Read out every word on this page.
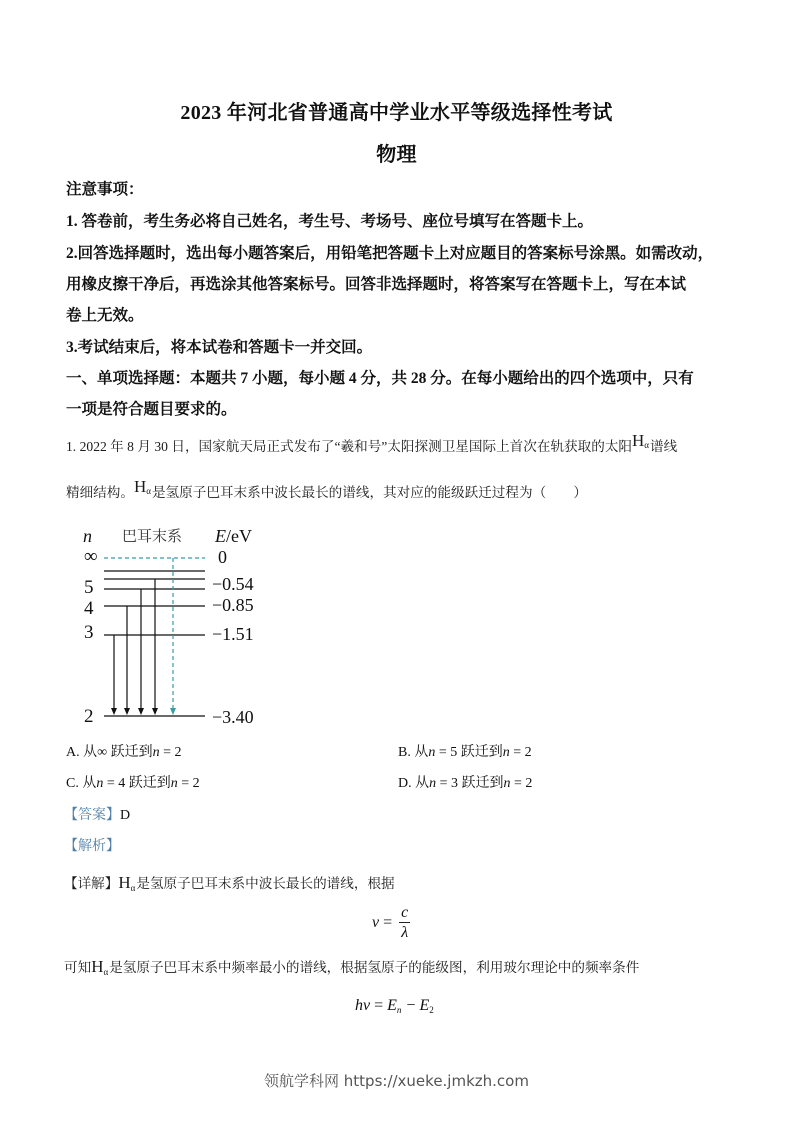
2023 年河北省普通高中学业水平等级选择性考试
物理
注意事项：
1. 答卷前，考生务必将自己姓名，考生号、考场号、座位号填写在答题卡上。
2.回答选择题时，选出每小题答案后，用铅笔把答题卡上对应题目的答案标号涂黑。如需改动，
用橡皮擦干净后，再选涂其他答案标号。回答非选择题时，将答案写在答题卡上，写在本试
卷上无效。
3.考试结束后，将本试卷和答题卡一并交回。
一、单项选择题：本题共 7 小题，每小题 4 分，共 28 分。在每小题给出的四个选项中，只有
一项是符合题目要求的。
1. 2022 年 8 月 30 日，国家航天局正式发布了“羲和号”太阳探测卫星国际上首次在轨获取的太阳$H^\alpha$谱线
精细结构。$H^\alpha$是氢原子巴耳末系中波长最长的谱线，其对应的能级跃迁过程为（　　）
n 巴耳末系 E/eV
∞	0
5	−0.54
4	−0.85
3	−1.51
2	−3.40
A. 从∞ 跃迁到n = 2	B. 从n = 5 跃迁到n = 2
C. 从n = 4 跃迁到n = 2	D. 从n = 3 跃迁到n = 2
【答案】D
【解析】
【详解】$H_\alpha$是氢原子巴耳末系中波长最长的谱线，根据
$\nu = \frac{c}{\lambda}$
可知$H_\alpha$是氢原子巴耳末系中频率最小的谱线，根据氢原子的能级图，利用玻尔理论中的频率条件
hν = En − E2
领航学科网 https://xueke.jmkzh.com
